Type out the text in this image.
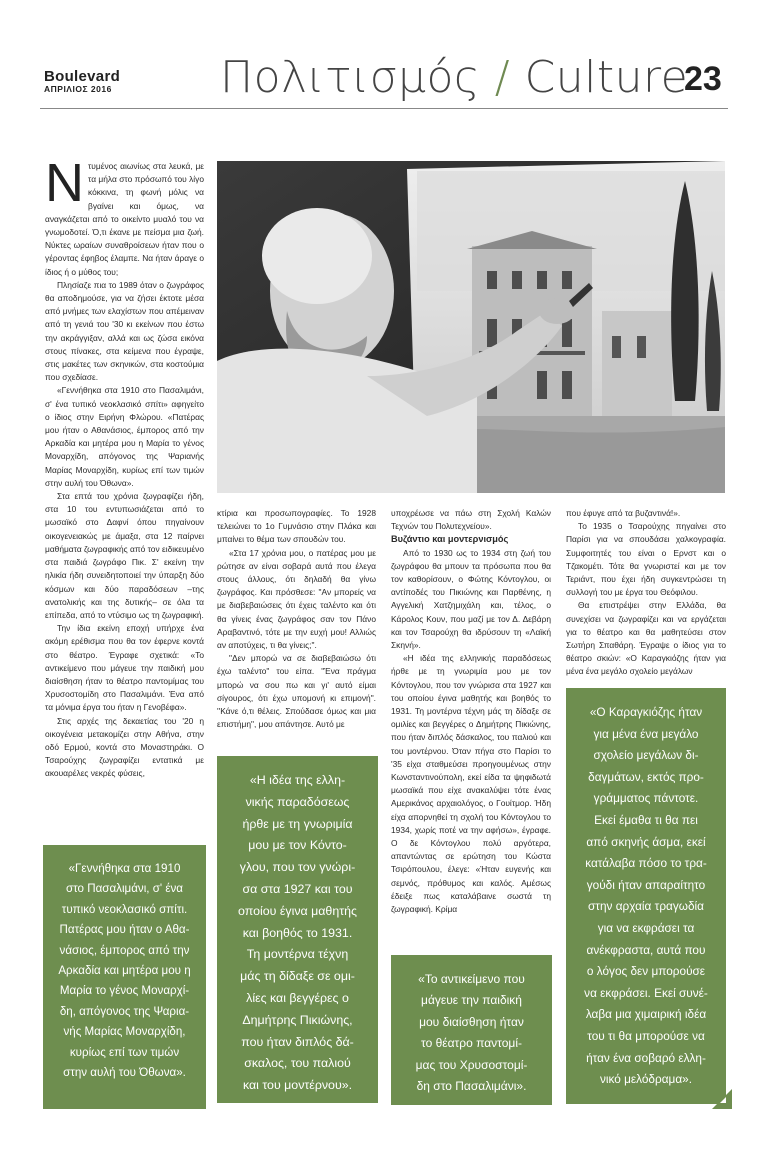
Boulevard
ΑΠΡΙΛΙΟΣ 2016 Πολιτισμός / Culture
23

Ντυμένος αιωνίως στα λευκά, με τα μήλα στο πρόσωπό του λίγο κόκκινα, τη φωνή μόλις να βγαίνει και όμως, να αναγκάζεται από το οικείντο μυαλό του να γνωμοδοτεί. Ό,τι έκανε με πείσμα μια ζωή. Νύκτες ωραίων συναθροίσεων ήταν που ο γέροντας έφηβος έλαμπε. Να ήταν άραγε ο ίδιος ή ο μύθος του;

Πλησίαζε πια το 1989 όταν ο ζωγράφος θα αποδημούσε, για να ζήσει έκτοτε μέσα από μνήμες των ελαχίστων που απέμειναν από τη γενιά του '30 κι εκείνων που έστω την ακράγγιξαν, αλλά και ως ζώσα εικόνα στους πίνακες, στα κείμενα που έγραψε, στις μακέτες των σκηνικών, στα κοστούμια που σχεδίασε.

«Γεννήθηκα στα 1910 στο Πασαλιμάνι, σ' ένα τυπικό νεοκλασικό σπίτι» αφηγείτο ο ίδιος στην Ειρήνη Φλώρου. «Πατέρας μου ήταν ο Αθανάσιος, έμπορος από την Αρκαδία και μητέρα μου η Μαρία το γένος Μοναρχίδη, απόγονος της Ψαριανής Μαρίας Μοναρχίδη, κυρίως επί των τιμών στην αυλή του Όθωνα».

Στα επτά του χρόνια ζωγραφίζει ήδη, στα 10 του εντυπωσιάζεται από το μωσαϊκό στο Δαφνί όπου πηγαίνουν οικογενειακώς με άμαξα, στα 12 παίρνει μαθήματα ζωγραφικής από τον ειδικευμένο στα παιδιά ζωγράφο Πικ. Σ' εκείνη την ηλικία ήδη συνειδητοποιεί την ύπαρξη δύο κόσμων και δύο παραδόσεων –της ανατολικής και της δυτικής– σε όλα τα επίπεδα, από το ντύσιμο ως τη ζωγραφική.

Την ίδια εκείνη εποχή υπήρχε ένα ακόμη ερέθισμα που θα τον έφερνε κοντά στο θέατρο. Έγραφε σχετικά: «Το αντικείμενο που μάγευε την παιδική μου διαίσθηση ήταν το θέατρο παντομίμας του Χρυσοστομίδη στο Πασαλιμάνι. Ένα από τα μόνιμα έργα του ήταν η Γενοβέφα».

Στις αρχές της δεκαετίας του '20 η οικογένεια μετακομίζει στην Αθήνα, στην οδό Ερμού, κοντά στο Μοναστηράκι. Ο Τσαρούχης ζωγραφίζει εντατικά με ακουαρέλες νεκρές φύσεις,

κτίρια και προσωπογραφίες. Το 1928 τελειώνει το 1ο Γυμνάσιο στην Πλάκα και μπαίνει το θέμα των σπουδών του.

«Στα 17 χρόνια μου, ο πατέρας μου με ρώτησε αν είναι σοβαρά αυτά που έλεγα στους άλλους, ότι δηλαδή θα γίνω ζωγράφος. Και πρόσθεσε: "Αν μπορείς να με διαβεβαιώσεις ότι έχεις ταλέντο και ότι θα γίνεις ένας ζωγράφος σαν τον Πάνο Αραβαντινό, τότε με την ευχή μου! Αλλιώς αν αποτύχεις, τι θα γίνεις;".

"Δεν μπορώ να σε διαβεβαιώσω ότι έχω ταλέντο" του είπα. "Ένα πράγμα μπορώ να σου πω και γι' αυτό είμαι σίγουρος, ότι έχω υπομονή κι επιμονή". ''Κάνε ό,τι θέλεις. Σπούδασε όμως και μια επιστήμη", μου απάντησε. Αυτό με

υποχρέωσε να πάω στη Σχολή Καλών Τεχνών του Πολυτεχνείου».

Βυζάντιο και μοντερνισμός

Από το 1930 ως το 1934 στη ζωή του ζωγράφου θα μπουν τα πρόσωπα που θα τον καθορίσουν, ο Φώτης Κόντογλου, οι αντίποδές του Πικιώνης και Παρθένης, η Αγγελική Χατζημιχάλη και, τέλος, ο Κάρολος Κουν, που μαζί με τον Δ. Δεβάρη και τον Τσαρούχη θα ιδρύσουν τη «Λαϊκή Σκηνή».

«Η ιδέα της ελληνικής παραδόσεως ήρθε με τη γνωριμία μου με τον Κόντογλου, που τον γνώρισα στα 1927 και του οποίου έγινα μαθητής και βοηθός το 1931. Τη μοντέρνα τέχνη μάς τη δίδαξε σε ομιλίες και βεγγέρες ο Δημήτρης Πικιώνης, που ήταν διπλός δάσκαλος, του παλιού και του μοντέρνου. Όταν πήγα στο Παρίσι το '35 είχα σταθμεύσει προηγουμένως στην Κωνσταντινούπολη, εκεί είδα τα ψηφιδωτά μωσαϊκά που είχε ανακαλύψει τότε ένας Αμερικάνος αρχαιολόγος, ο Γουίτμορ. Ήδη είχα απορνηθεί τη σχολή του Κόντογλου το 1934, χωρίς ποτέ να την αφήσω», έγραφε. Ο δε Κόντογλου πολύ αργότερα, απαντώντας σε ερώτηση του Κώστα Τσιρόπουλου, έλεγε: «Ήταν ευγενής και σεμνός, πρόθυμος και καλός. Αμέσως έδειξε πως καταλάβαινε σωστά τη ζωγραφική. Κρίμα

που έφυγε από τα βυζαντινά!».

Το 1935 ο Τσαρούχης πηγαίνει στο Παρίσι για να σπουδάσει χαλκογραφία. Συμφοιτητές του είναι ο Ερνστ και ο Τζακομέτι. Τότε θα γνωριστεί και με τον Τεριάντ, που έχει ήδη συγκεντρώσει τη συλλογή του με έργα του Θεόφιλου.

Θα επιστρέψει στην Ελλάδα, θα συνεχίσει να ζωγραφίζει και να εργάζεται για το θέατρο και θα μαθητεύσει στον Σωτήρη Σπαθάρη. Έγραψε ο ίδιος για το θέατρο σκιών: «Ο Καραγκιόζης ήταν για μένα ένα μεγάλο σχολείο μεγάλων

«Γεννήθηκα στα 1910
στο Πασαλιμάνι, σ' ένα
τυπικό νεοκλασικό σπίτι.
Πατέρας μου ήταν ο Αθα-
νάσιος, έμπορος από την
Αρκαδία και μητέρα μου η
Μαρία το γένος Μοναρχί-
δη, απόγονος της Ψαρια-
νής Μαρίας Μοναρχίδη,
κυρίως επί των τιμών
στην αυλή του Όθωνα».
«Η ιδέα της ελλη-
νικής παραδόσεως
ήρθε με τη γνωριμία
μου με τον Κόντο-
γλου, που τον γνώρι-
σα στα 1927 και του
οποίου έγινα μαθητής
και βοηθός το 1931.
Τη μοντέρνα τέχνη
μάς τη δίδαξε σε ομι-
λίες και βεγγέρες ο
Δημήτρης Πικιώνης,
που ήταν διπλός δά-
σκαλος, του παλιού
και του μοντέρνου».
«Το αντικείμενο που
μάγευε την παιδική
μου διαίσθηση ήταν
το θέατρο παντομί-
μας του Χρυσοστομί-
δη στο Πασαλιμάνι».
«Ο Καραγκιόζης ήταν
για μένα ένα μεγάλο
σχολείο μεγάλων δι-
δαγμάτων, εκτός προ-
γράμματος πάντοτε.
Εκεί έμαθα τι θα πει
από σκηνής άσμα, εκεί
κατάλαβα πόσο το τρα-
γούδι ήταν απαραίτητο
στην αρχαία τραγωδία
για να εκφράσει τα
ανέκφραστα, αυτά που
ο λόγος δεν μπορούσε
να εκφράσει. Εκεί συνέ-
λαβα μια χιμαιρική ιδέα
του τι θα μπορούσε να
ήταν ένα σοβαρό ελλη-
νικό μελόδραμα».
